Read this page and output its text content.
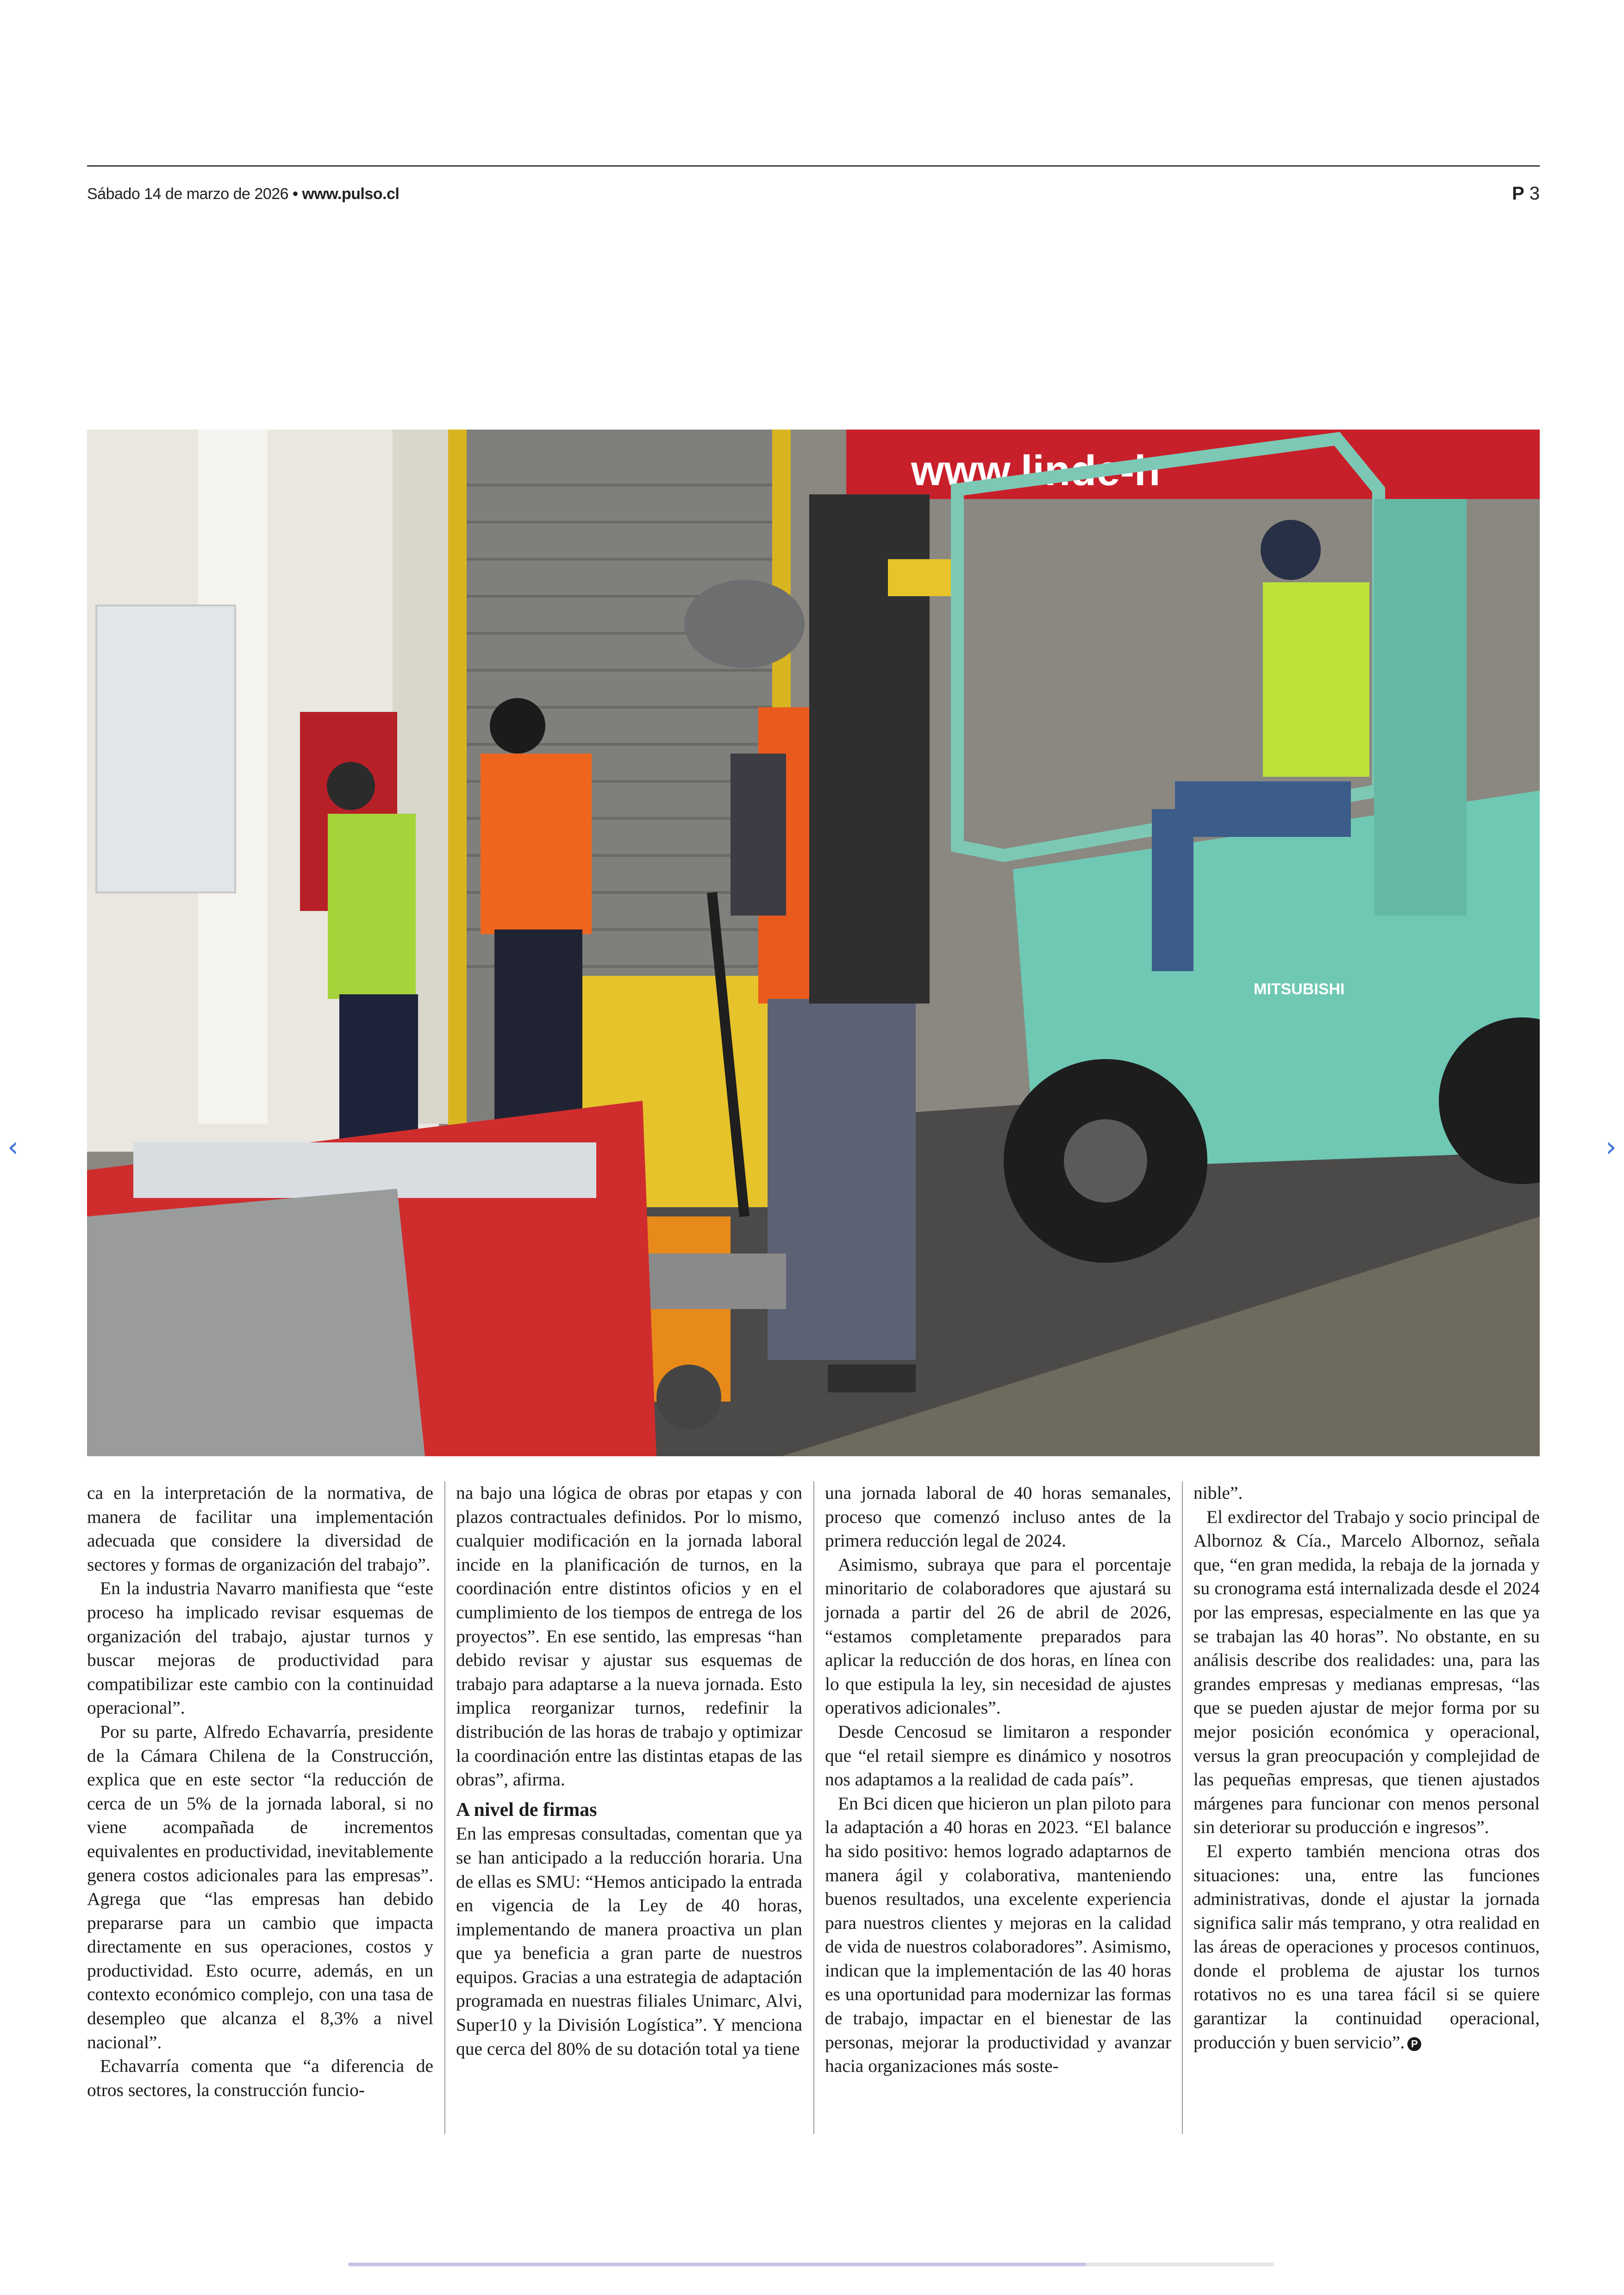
Sábado 14 de marzo de 2026 • www.pulso.cl	P 3
www.linde-h
MITSUBISHI
‹	›

ca en la interpretación de la normativa, de manera de facilitar una implementación adecuada que considere la diversidad de sectores y formas de organización del trabajo”.

En la industria Navarro manifiesta que “este proceso ha implicado revisar esquemas de organización del trabajo, ajustar turnos y buscar mejoras de productividad para compatibilizar este cambio con la continuidad operacional”.

Por su parte, Alfredo Echavarría, presidente de la Cámara Chilena de la Construcción, explica que en este sector “la reducción de cerca de un 5% de la jornada laboral, si no viene acompañada de incrementos equivalentes en productividad, inevitablemente genera costos adicionales para las empresas”. Agrega que “las empresas han debido prepararse para un cambio que impacta directamente en sus operaciones, costos y productividad. Esto ocurre, además, en un contexto económico complejo, con una tasa de desempleo que alcanza el 8,3% a nivel nacional”.

Echavarría comenta que “a diferencia de otros sectores, la construcción funcio-

na bajo una lógica de obras por etapas y con plazos contractuales definidos. Por lo mismo, cualquier modificación en la jornada laboral incide en la planificación de turnos, en la coordinación entre distintos oficios y en el cumplimiento de los tiempos de entrega de los proyectos”. En ese sentido, las empresas “han debido revisar y ajustar sus esquemas de trabajo para adaptarse a la nueva jornada. Esto implica reorganizar turnos, redefinir la distribución de las horas de trabajo y optimizar la coordinación entre las distintas etapas de las obras”, afirma.

A nivel de firmas

En las empresas consultadas, comentan que ya se han anticipado a la reducción horaria. Una de ellas es SMU: “Hemos anticipado la entrada en vigencia de la Ley de 40 horas, implementando de manera proactiva un plan que ya beneficia a gran parte de nuestros equipos. Gracias a una estrategia de adaptación programada en nuestras filiales Unimarc, Alvi, Super10 y la División Logística”. Y menciona que cerca del 80% de su dotación total ya tiene

una jornada laboral de 40 horas semanales, proceso que comenzó incluso antes de la primera reducción legal de 2024.

Asimismo, subraya que para el porcentaje minoritario de colaboradores que ajustará su jornada a partir del 26 de abril de 2026, “estamos completamente preparados para aplicar la reducción de dos horas, en línea con lo que estipula la ley, sin necesidad de ajustes operativos adicionales”.

Desde Cencosud se limitaron a responder que “el retail siempre es dinámico y nosotros nos adaptamos a la realidad de cada país”.

En Bci dicen que hicieron un plan piloto para la adaptación a 40 horas en 2023. “El balance ha sido positivo: hemos logrado adaptarnos de manera ágil y colaborativa, manteniendo buenos resultados, una excelente experiencia para nuestros clientes y mejoras en la calidad de vida de nuestros colaboradores”. Asimismo, indican que la implementación de las 40 horas es una oportunidad para modernizar las formas de trabajo, impactar en el bienestar de las personas, mejorar la productividad y avanzar hacia organizaciones más soste-

nible”.

El exdirector del Trabajo y socio principal de Albornoz & Cía., Marcelo Albornoz, señala que, “en gran medida, la rebaja de la jornada y su cronograma está internalizada desde el 2024 por las empresas, especialmente en las que ya se trabajan las 40 horas”. No obstante, en su análisis describe dos realidades: una, para las grandes empresas y medianas empresas, “las que se pueden ajustar de mejor forma por su mejor posición económica y operacional, versus la gran preocupación y complejidad de las pequeñas empresas, que tienen ajustados márgenes para funcionar con menos personal sin deteriorar su producción e ingresos”.

El experto también menciona otras dos situaciones: una, entre las funciones administrativas, donde el ajustar la jornada significa salir más temprano, y otra realidad en las áreas de operaciones y procesos continuos, donde el problema de ajustar los turnos rotativos no es una tarea fácil si se quiere garantizar la continuidad operacional, producción y buen servicio”. P
